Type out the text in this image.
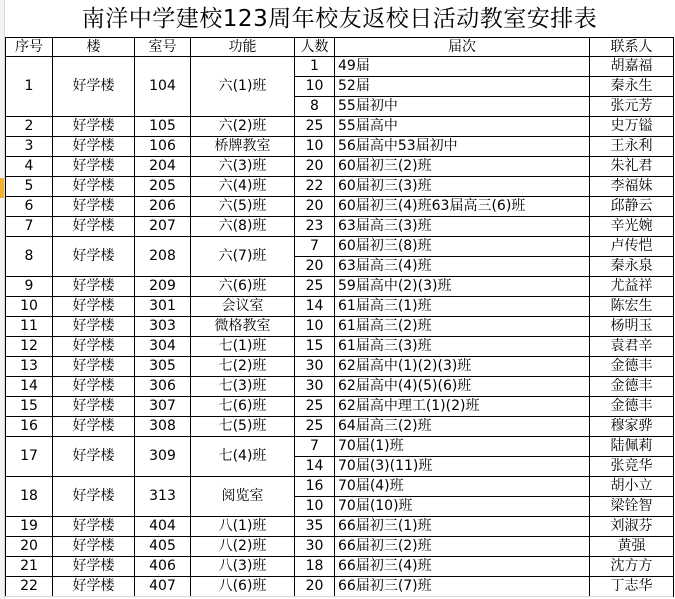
南洋中学建校123周年校友返校日活动教室安排表
序号	楼	室号	功能	人数	届次	联系人
1	好学楼	104	六(1)班	1	49届	胡嘉福
				10	52届	秦永生
				8	55届初中	张元芳
2	好学楼	105	六(2)班	25	55届高中	史万镒
3	好学楼	106	桥牌教室	10	56届高中53届初中	王永利
4	好学楼	204	六(3)班	20	60届初三(2)班	朱礼君
5	好学楼	205	六(4)班	22	60届初三(3)班	李福妹
6	好学楼	206	六(5)班	20	60届初三(4)班63届高三(6)班	邱静云
7	好学楼	207	六(8)班	23	63届高三(3)班	辛光婉
8	好学楼	208	六(7)班	7	60届初三(8)班	卢传恺
				20	63届高三(4)班	秦永泉
9	好学楼	209	六(6)班	25	59届高中(2)(3)班	尤益祥
10	好学楼	301	会议室	14	61届高三(1)班	陈宏生
11	好学楼	303	微格教室	10	61届高三(2)班	杨明玉
12	好学楼	304	七(1)班	15	61届高三(3)班	袁君辛
13	好学楼	305	七(2)班	30	62届高中(1)(2)(3)班	金德丰
14	好学楼	306	七(3)班	30	62届高中(4)(5)(6)班	金德丰
15	好学楼	307	七(6)班	25	62届高中理工(1)(2)班	金德丰
16	好学楼	308	七(5)班	25	64届高三(2)班	穆家骅
17	好学楼	309	七(4)班	7	70届(1)班	陆佩莉
				14	70届(3)(11)班	张竞华
18	好学楼	313	阅览室	16	70届(4)班	胡小立
				10	70届(10)班	梁铨智
19	好学楼	404	八(1)班	35	66届初三(1)班	刘淑芬
20	好学楼	405	八(2)班	30	66届初三(2)班	黄强
21	好学楼	406	八(3)班	18	66届初三(4)班	沈方方
22	好学楼	407	八(6)班	20	66届初三(7)班	丁志华
